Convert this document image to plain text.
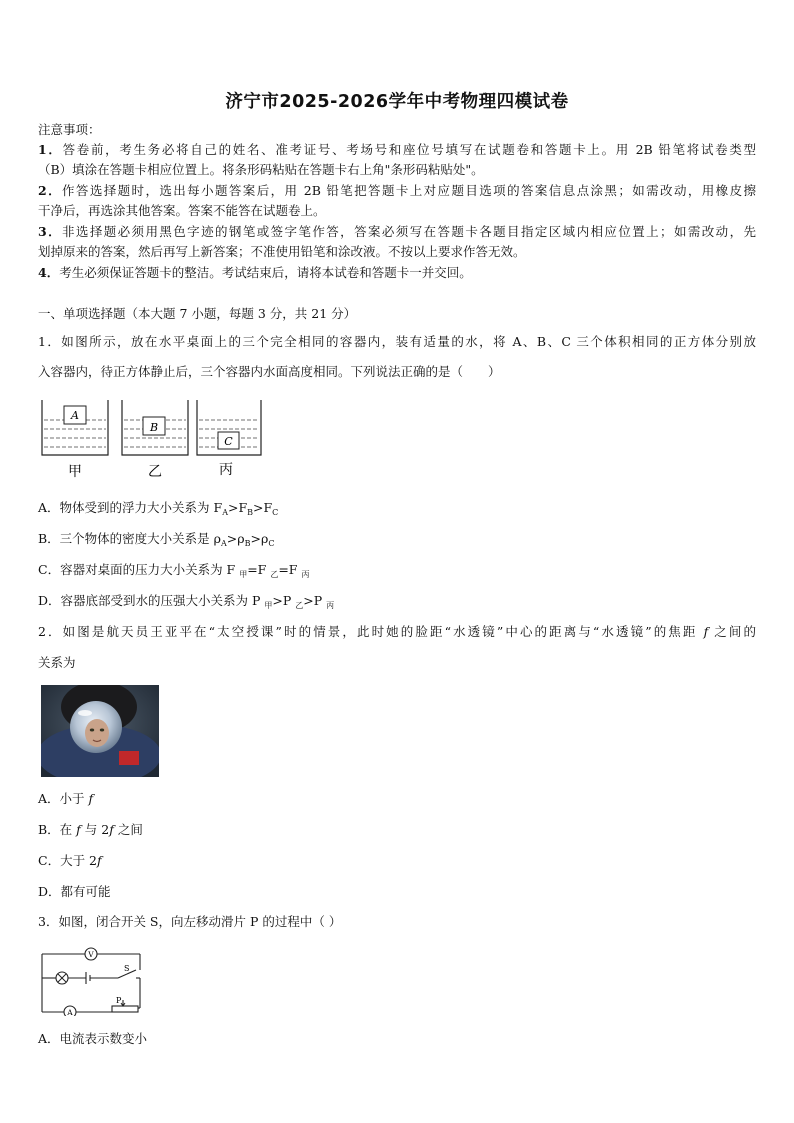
济宁市2025-2026学年中考物理四模试卷
注意事项：
1．答卷前，考生务必将自己的姓名、准考证号、考场号和座位号填写在试题卷和答题卡上。用 2B 铅笔将试卷类型
（B）填涂在答题卡相应位置上。将条形码粘贴在答题卡右上角"条形码粘贴处"。
2．作答选择题时，选出每小题答案后，用 2B 铅笔把答题卡上对应题目选项的答案信息点涂黑；如需改动，用橡皮擦
干净后，再选涂其他答案。答案不能答在试题卷上。
3．非选择题必须用黑色字迹的钢笔或签字笔作答，答案必须写在答题卡各题目指定区域内相应位置上；如需改动，先
划掉原来的答案，然后再写上新答案；不准使用铅笔和涂改液。不按以上要求作答无效。
4．考生必须保证答题卡的整洁。考试结束后，请将本试卷和答题卡一并交回。
一、单项选择题（本大题 7 小题，每题 3 分，共 21 分）
1．如图所示，放在水平桌面上的三个完全相同的容器内，装有适量的水，将 A、B、C 三个体积相同的正方体分别放
入容器内，待正方体静止后，三个容器内水面高度相同。下列说法正确的是（　　）
A
B
C
甲	乙	丙
A．物体受到的浮力大小关系为 $F_A>F_B>F_C$
B．三个物体的密度大小关系是 $\rho_A>\rho_B>\rho_C$
C．容器对桌面的压力大小关系为 F $_甲$=F $_乙$=F $_丙$
D．容器底部受到水的压强大小关系为 P $_甲$>P $_乙$>P $_丙$
2．如图是航天员王亚平在“太空授课”时的情景，此时她的脸距“水透镜”中心的距离与“水透镜”的焦距 f 之间的
关系为
A．小于 f
B．在 f 与 2f 之间
C．大于 2f
D．都有可能
3．如图，闭合开关 S，向左移动滑片 P 的过程中（ ）
V
A
S
P
A．电流表示数变小
